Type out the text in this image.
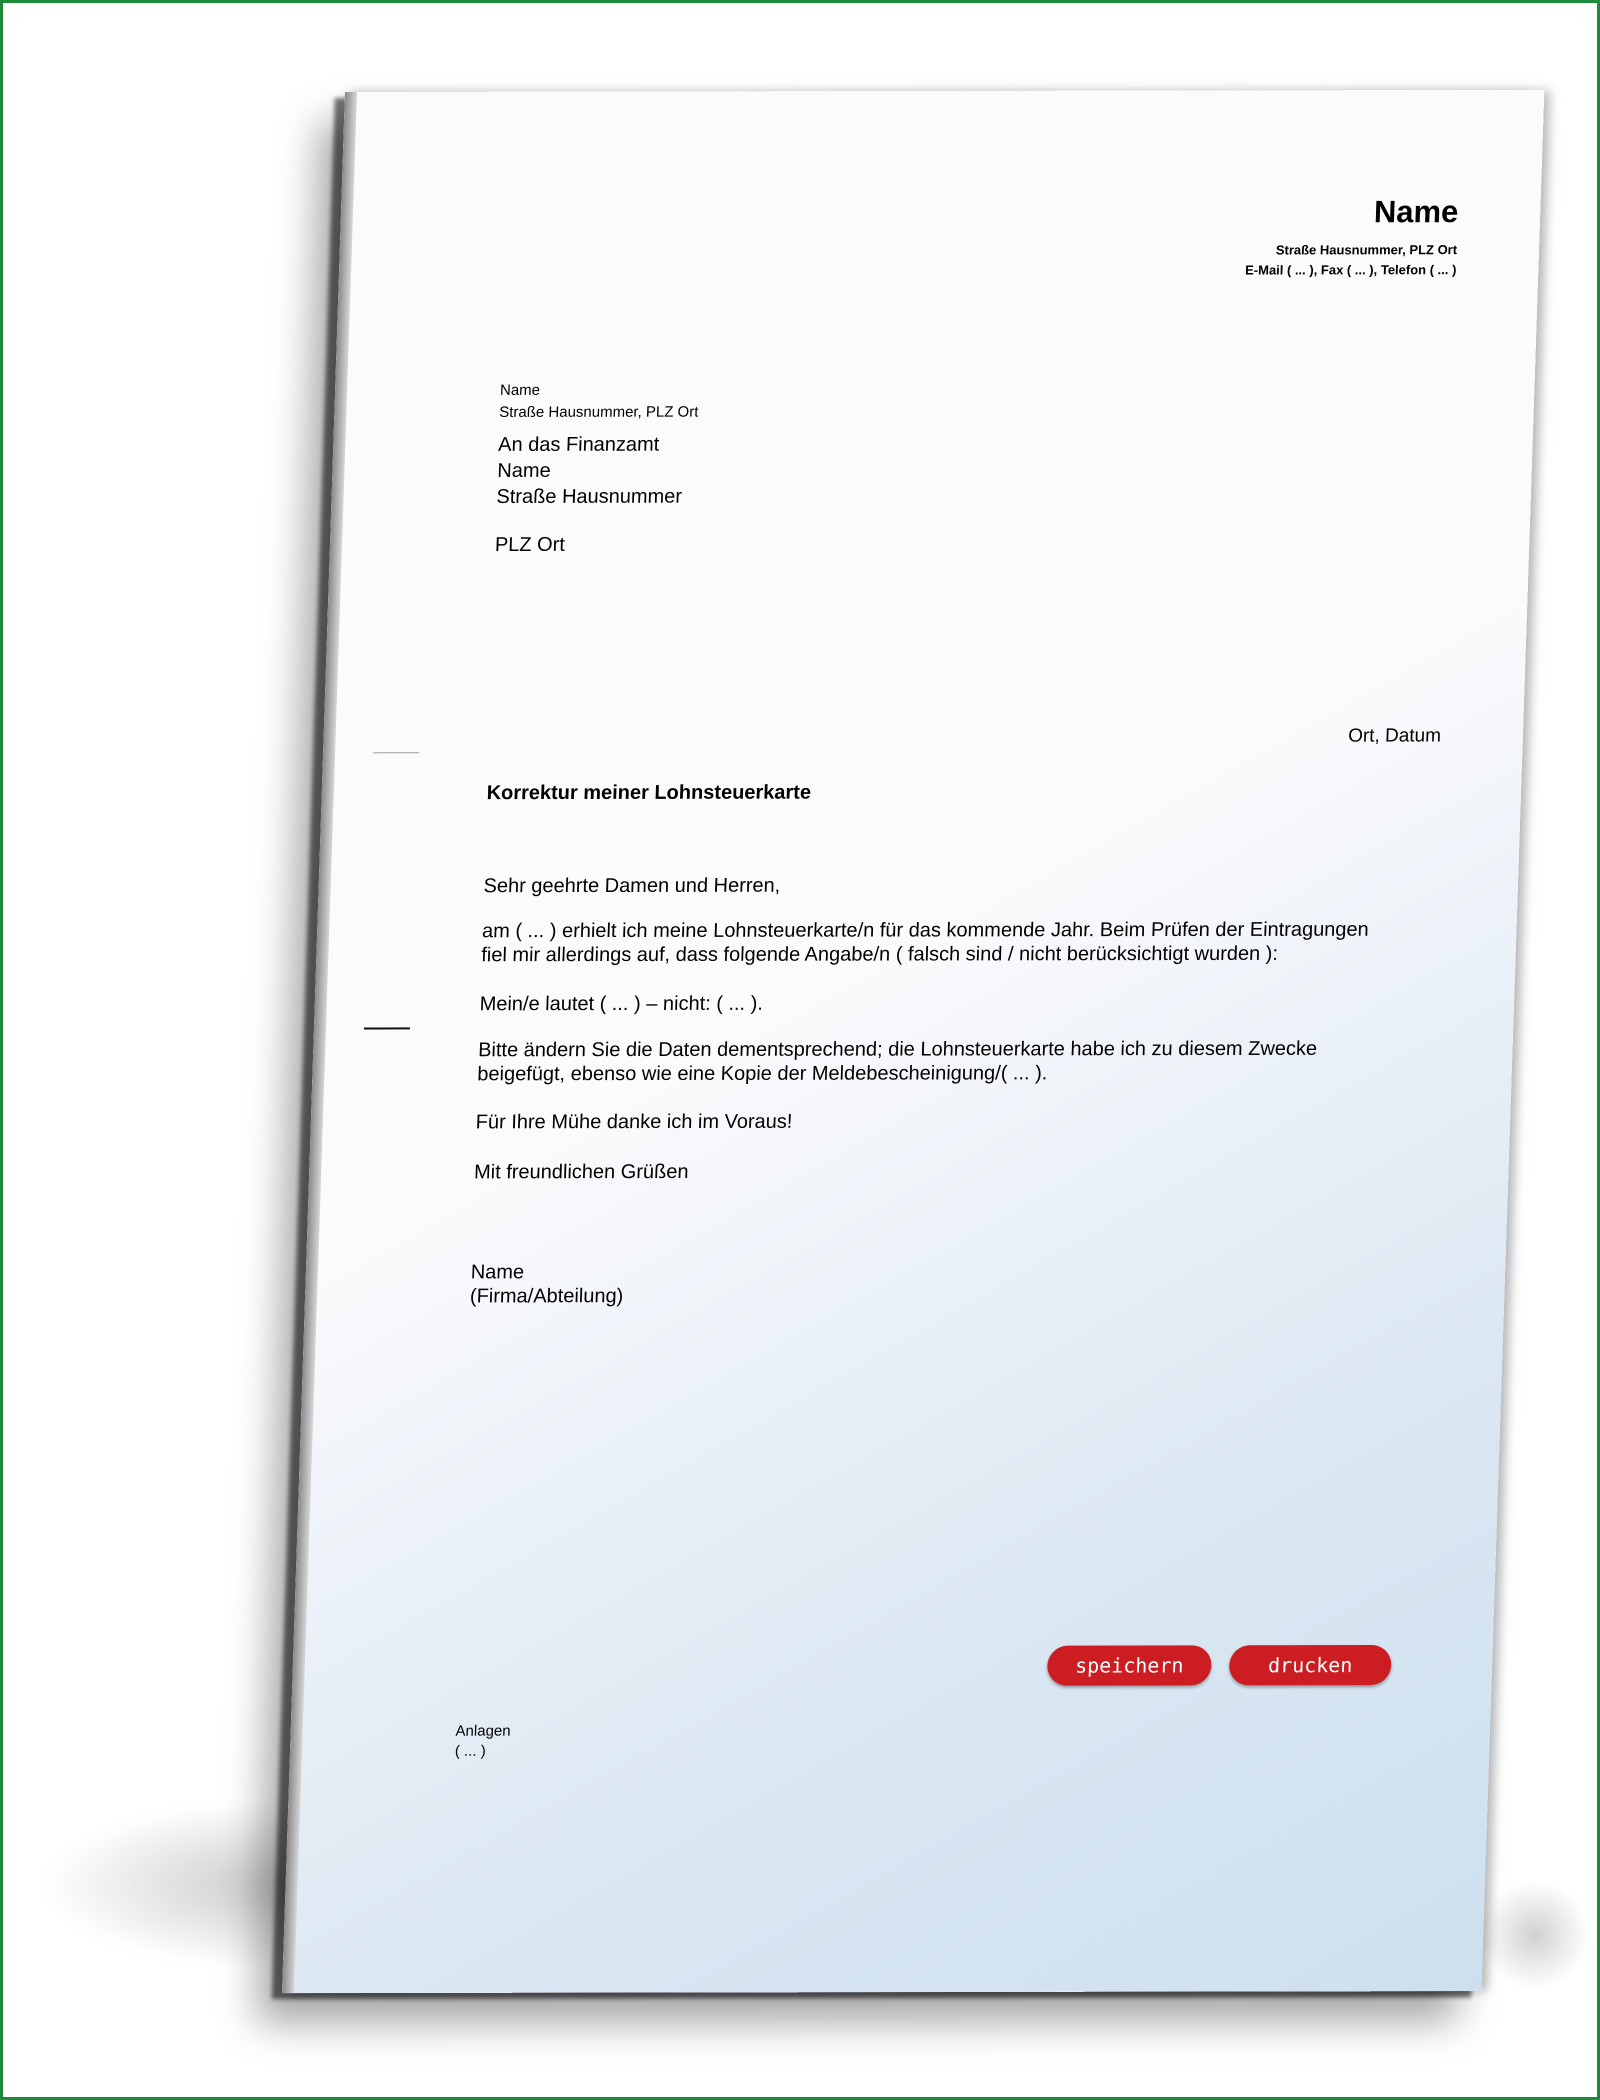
Name
Straße Hausnummer, PLZ Ort
E-Mail ( ... ), Fax ( ... ), Telefon ( ... )
Name
Straße Hausnummer, PLZ Ort
An das Finanzamt
Name
Straße Hausnummer
PLZ Ort
Ort, Datum
Korrektur meiner Lohnsteuerkarte
Sehr geehrte Damen und Herren,
am ( ... ) erhielt ich meine Lohnsteuerkarte/n für das kommende Jahr. Beim Prüfen der Eintragungen
fiel mir allerdings auf, dass folgende Angabe/n ( falsch sind / nicht berücksichtigt wurden ):
Mein/e lautet ( ... ) – nicht: ( ... ).
Bitte ändern Sie die Daten dementsprechend; die Lohnsteuerkarte habe ich zu diesem Zwecke
beigefügt, ebenso wie eine Kopie der Meldebescheinigung/( ... ).
Für Ihre Mühe danke ich im Voraus!
Mit freundlichen Grüßen
Name
(Firma/Abteilung)
Anlagen
( ... )
speichern	drucken
